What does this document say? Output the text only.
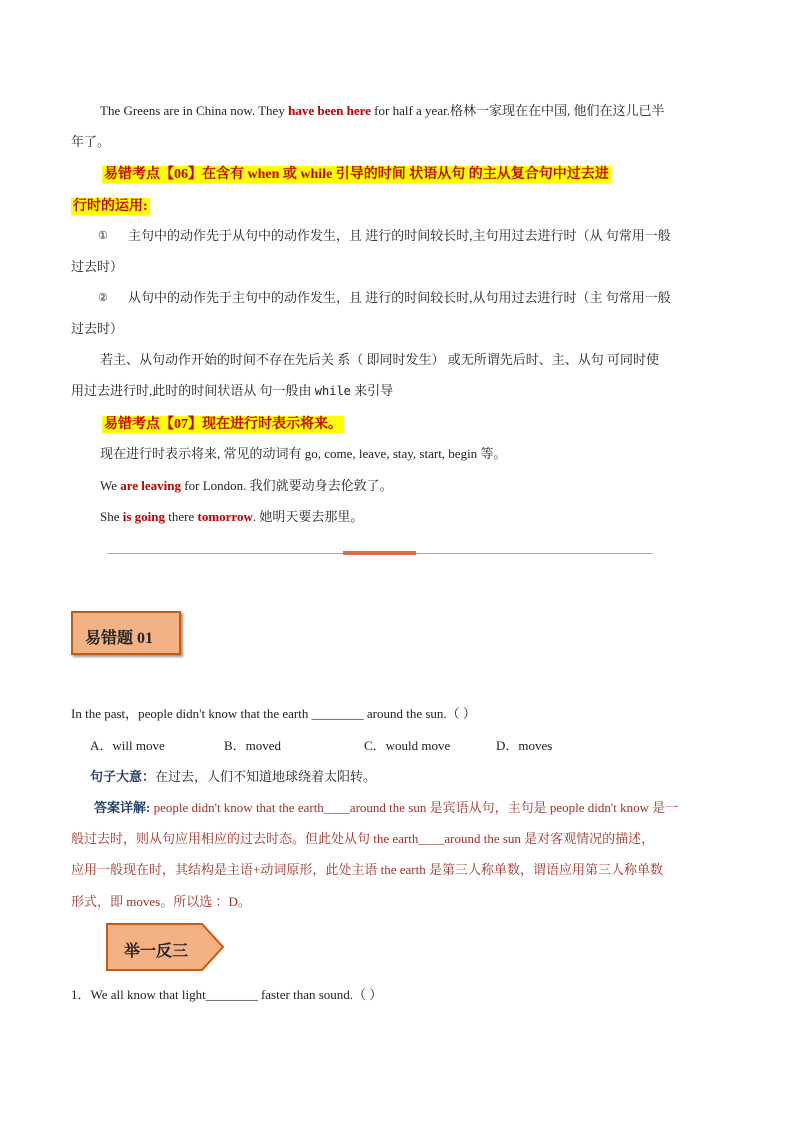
The Greens are in China now. They have been here for half a year.格林一家现在在中国, 他们在这儿已半
年了。
易错考点【06】在含有 when 或 while 引导的时间 状语从句 的主从复合句中过去进
行时的运用:
① 主句中的动作先于从句中的动作发生，且 进行的时间较长时,主句用过去进行时（从 句常用一般
过去时）
② 从句中的动作先于主句中的动作发生，且 进行的时间较长时,从句用过去进行时（主 句常用一般
过去时）
若主、从句动作开始的时间不存在先后关 系（ 即同时发生） 或无所谓先后时、主、从句 可同时使
用过去进行时,此时的时间状语从 句一般由 while 来引导
易错考点【07】现在进行时表示将来。
现在进行时表示将来, 常见的动词有 go, come, leave, stay, start, begin 等。
We are leaving for London. 我们就要动身去伦敦了。
She is going there tomorrow. 她明天要去那里。
易错题 01
In the past，people didn't know that the earth ________ around the sun.（ ）
A．will move	B．moved	C．would move	D．moves
句子大意：在过去，人们不知道地球绕着太阳转。
答案详解: people didn't know that the earth____around the sun 是宾语从句，主句是 people didn't know 是一
般过去时，则从句应用相应的过去时态。但此处从句 the earth____around the sun 是对客观情况的描述，
应用一般现在时，其结构是主语+动词原形，此处主语 the earth 是第三人称单数，谓语应用第三人称单数
形式，即 moves。所以选 ：D。
举一反三
1．We all know that light________ faster than sound.（ ）
